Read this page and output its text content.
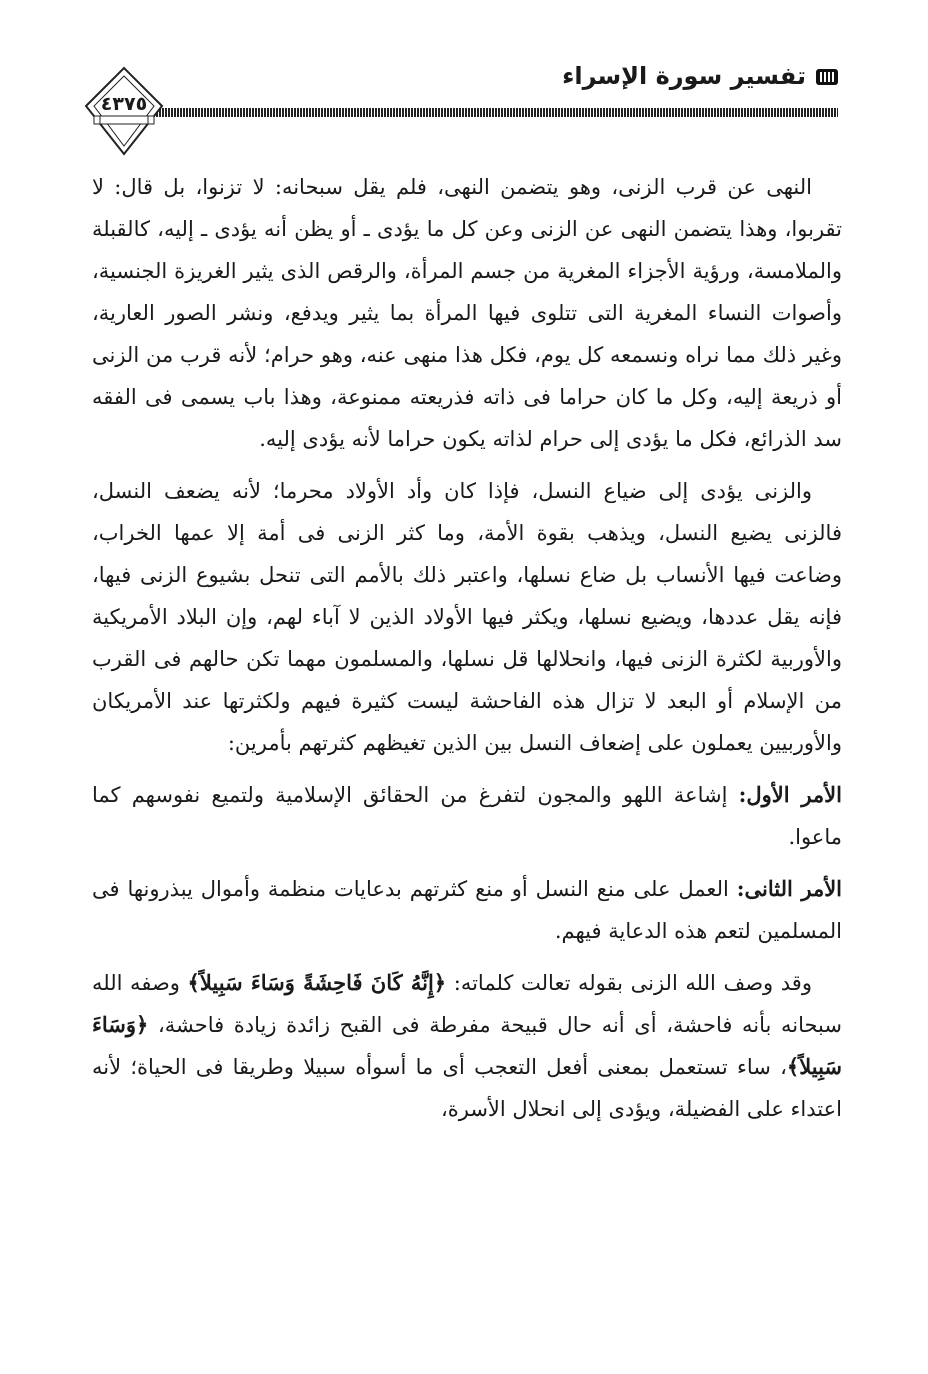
تفسير سورة الإسراء
٤٣٧٥

النهى عن قرب الزنى، وهو يتضمن النهى، فلم يقل سبحانه: لا تزنوا، بل قال: لا تقربوا، وهذا يتضمن النهى عن الزنى وعن كل ما يؤدى ـ أو يظن أنه يؤدى ـ إليه، كالقبلة والملامسة، ورؤية الأجزاء المغرية من جسم المرأة، والرقص الذى يثير الغريزة الجنسية، وأصوات النساء المغرية التى تتلوى فيها المرأة بما يثير ويدفع، ونشر الصور العارية، وغير ذلك مما نراه ونسمعه كل يوم، فكل هذا منهى عنه، وهو حرام؛ لأنه قرب من الزنى أو ذريعة إليه، وكل ما كان حراما فى ذاته فذريعته ممنوعة، وهذا باب يسمى فى الفقه سد الذرائع، فكل ما يؤدى إلى حرام لذاته يكون حراما لأنه يؤدى إليه.

والزنى يؤدى إلى ضياع النسل، فإذا كان وأد الأولاد محرما؛ لأنه يضعف النسل، فالزنى يضيع النسل، ويذهب بقوة الأمة، وما كثر الزنى فى أمة إلا عمها الخراب، وضاعت فيها الأنساب بل ضاع نسلها، واعتبر ذلك بالأمم التى تنحل بشيوع الزنى فيها، فإنه يقل عددها، ويضيع نسلها، ويكثر فيها الأولاد الذين لا آباء لهم، وإن البلاد الأمريكية والأوربية لكثرة الزنى فيها، وانحلالها قل نسلها، والمسلمون مهما تكن حالهم فى القرب من الإسلام أو البعد لا تزال هذه الفاحشة ليست كثيرة فيهم ولكثرتها عند الأمريكان والأوربيين يعملون على إضعاف النسل بين الذين تغيظهم كثرتهم بأمرين:

الأمر الأول: إشاعة اللهو والمجون لتفرغ من الحقائق الإسلامية ولتميع نفوسهم كما ماعوا.

الأمر الثانى: العمل على منع النسل أو منع كثرتهم بدعايات منظمة وأموال يبذرونها فى المسلمين لتعم هذه الدعاية فيهم.

وقد وصف الله الزنى بقوله تعالت كلماته: ﴿إِنَّهُ كَانَ فَاحِشَةً وَسَاءَ سَبِيلاً﴾ وصفه الله سبحانه بأنه فاحشة، أى أنه حال قبيحة مفرطة فى القبح زائدة زيادة فاحشة، ﴿وَسَاءَ سَبِيلاً﴾، ساء تستعمل بمعنى أفعل التعجب أى ما أسوأه سبيلا وطريقا فى الحياة؛ لأنه اعتداء على الفضيلة، ويؤدى إلى انحلال الأسرة،
